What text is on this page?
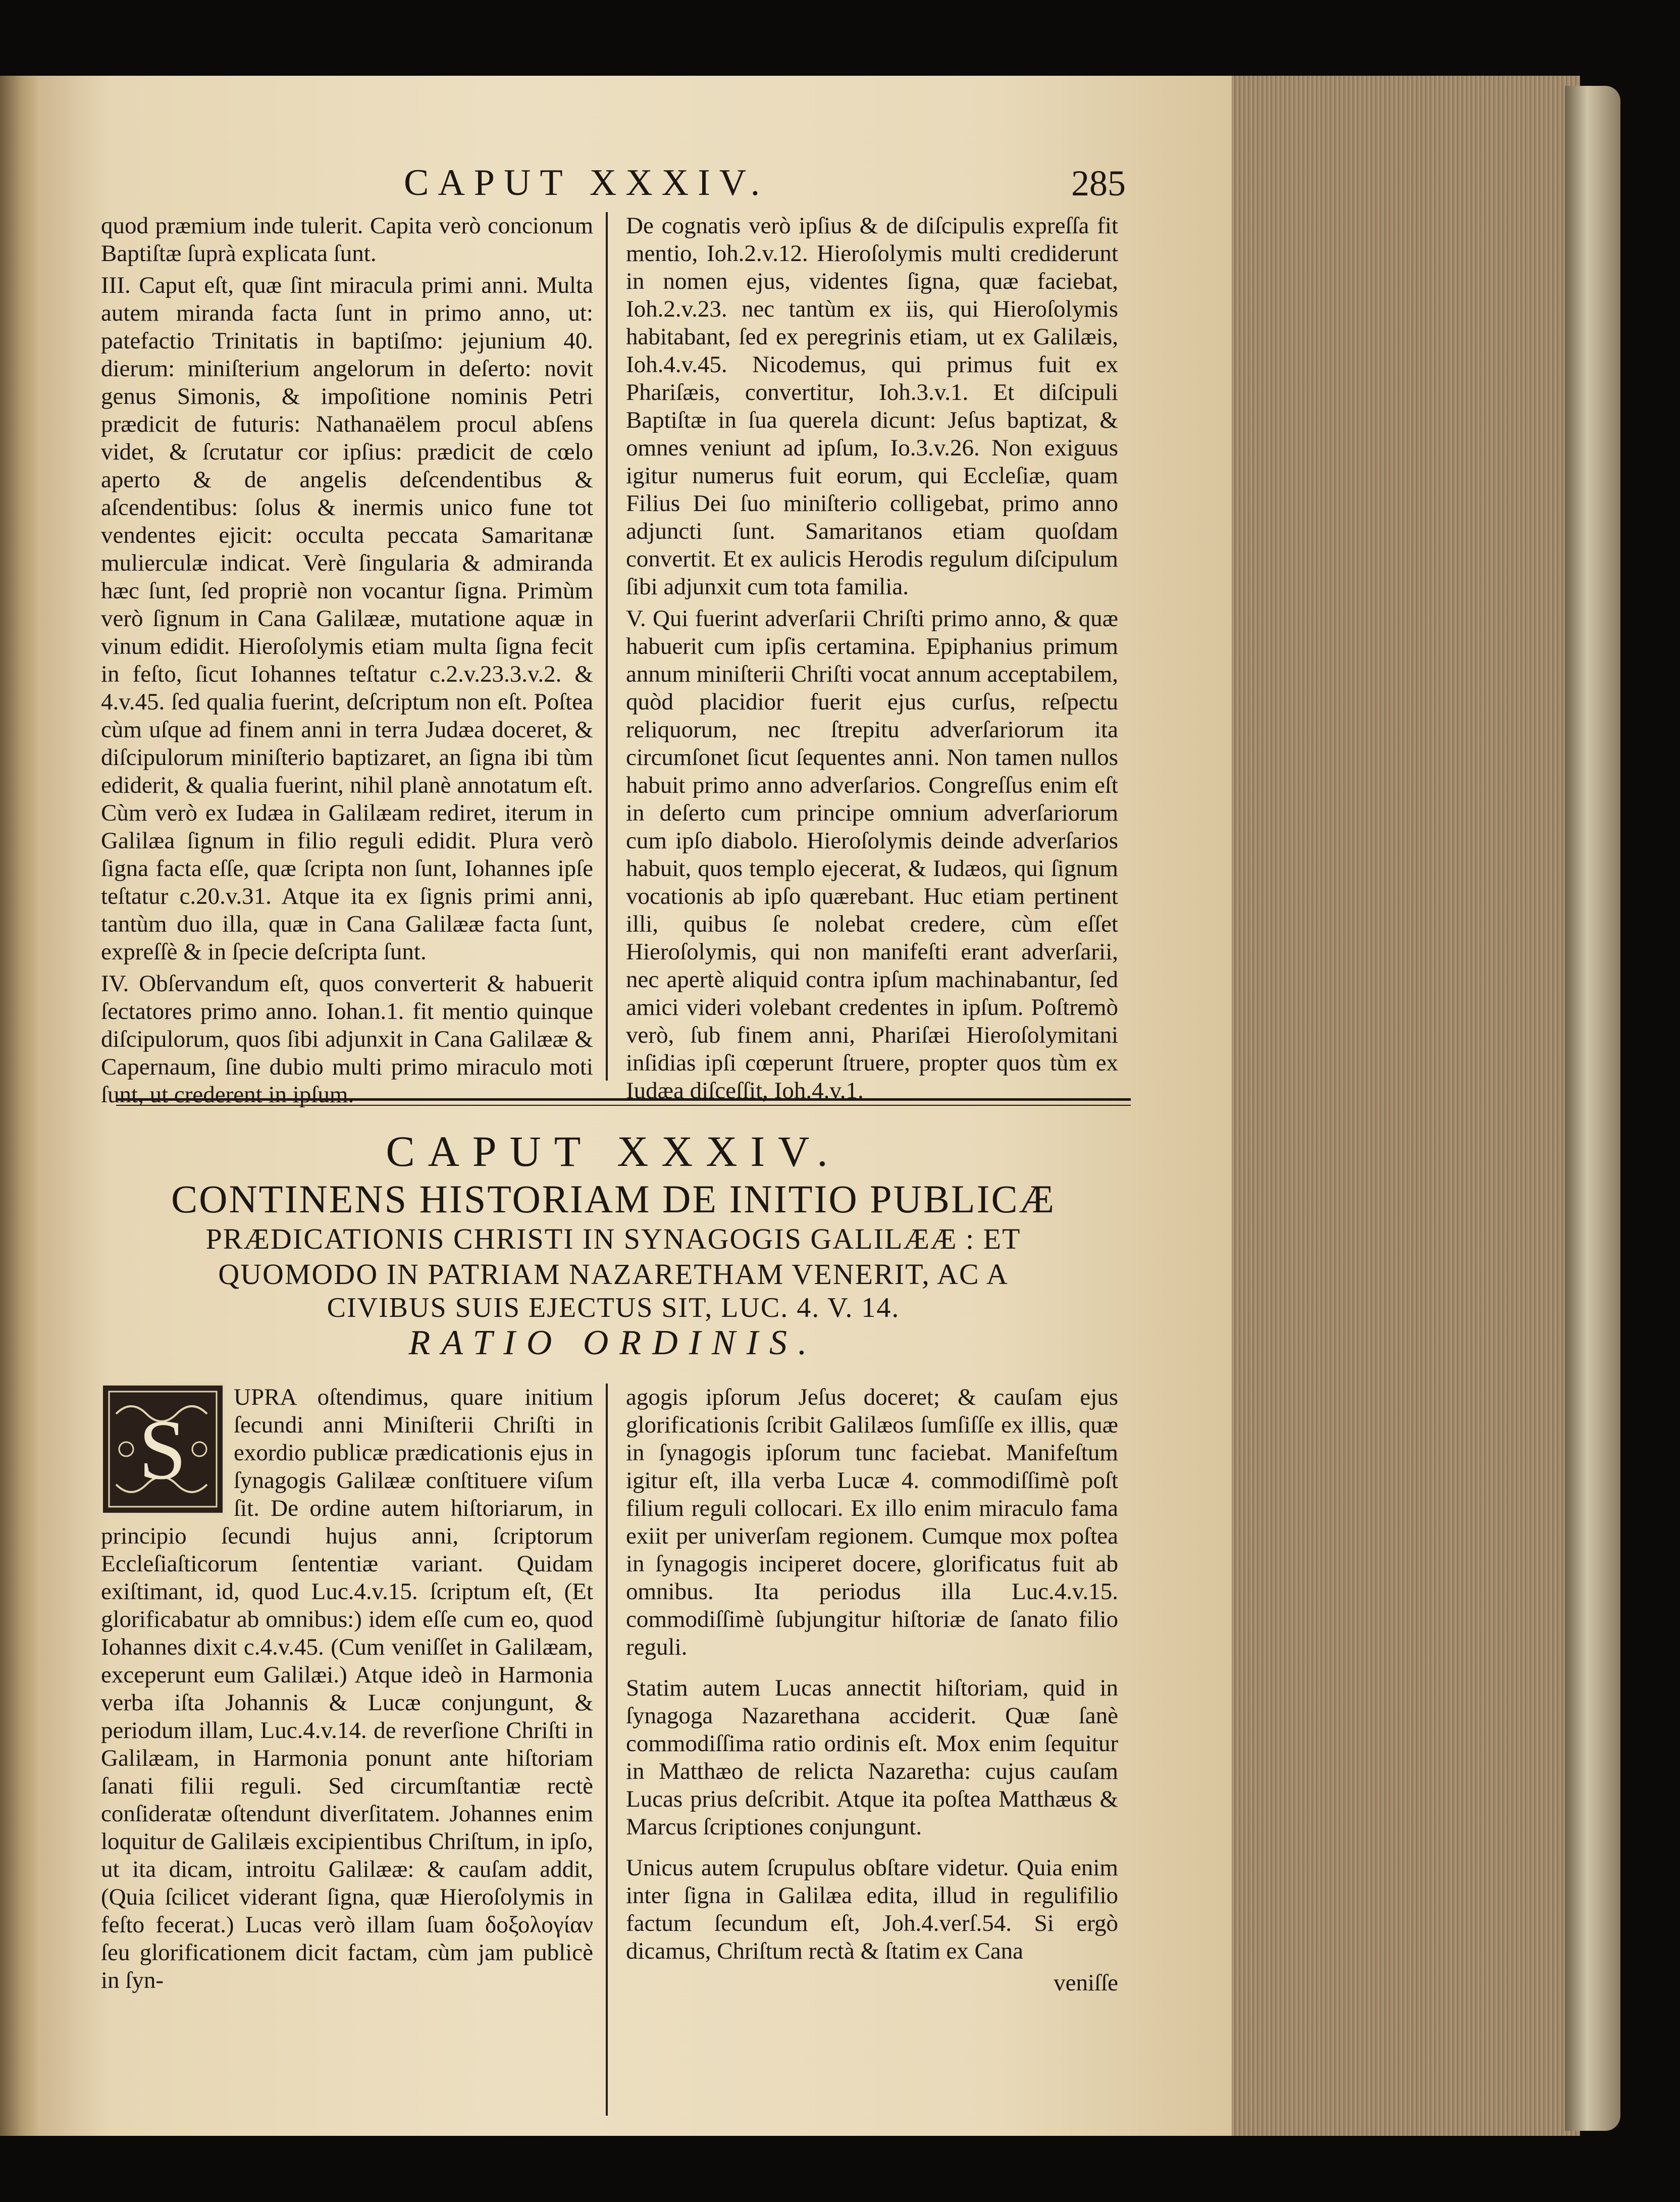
CAPUT XXXIV.	285

quod præmium inde tulerit. Capita verò concionum Baptiſtæ ſuprà explicata ſunt.

III. Caput eſt, quæ ſint miracula primi anni. Multa autem miranda facta ſunt in primo anno, ut: patefactio Trinitatis in baptiſmo: jejunium 40. dierum: miniſterium angelorum in deſerto: novit genus Simonis, & impoſitione nominis Petri prædicit de futuris: Nathanaëlem procul abſens videt, & ſcrutatur cor ipſius: prædicit de cœlo aperto & de angelis deſcendentibus & aſcendentibus: ſolus & inermis unico fune tot vendentes ejicit: occulta peccata Samaritanæ mulierculæ indicat. Verè ſingularia & admiranda hæc ſunt, ſed propriè non vocantur ſigna. Primùm verò ſignum in Cana Galilææ, mutatione aquæ in vinum edidit. Hieroſolymis etiam multa ſigna fecit in feſto, ſicut Iohannes teſtatur c.2.v.23.3.v.2. & 4.v.45. ſed qualia fuerint, deſcriptum non eſt. Poſtea cùm uſque ad finem anni in terra Judæa doceret, & diſcipulorum miniſterio baptizaret, an ſigna ibi tùm ediderit, & qualia fuerint, nihil planè annotatum eſt. Cùm verò ex Iudæa in Galilæam rediret, iterum in Galilæa ſignum in filio reguli edidit. Plura verò ſigna facta eſſe, quæ ſcripta non ſunt, Iohannes ipſe teſtatur c.20.v.31. Atque ita ex ſignis primi anni, tantùm duo illa, quæ in Cana Galilææ facta ſunt, expreſſè & in ſpecie deſcripta ſunt.

IV. Obſervandum eſt, quos converterit & habuerit ſectatores primo anno. Iohan.1. fit mentio quinque diſcipulorum, quos ſibi adjunxit in Cana Galilææ & Capernaum, ſine dubio multi primo miraculo moti ſunt, ut crederent in ipſum.

De cognatis verò ipſius & de diſcipulis expreſſa fit mentio, Ioh.2.v.12. Hieroſolymis multi crediderunt in nomen ejus, videntes ſigna, quæ faciebat, Ioh.2.v.23. nec tantùm ex iis, qui Hieroſolymis habitabant, ſed ex peregrinis etiam, ut ex Galilæis, Ioh.4.v.45. Nicodemus, qui primus fuit ex Phariſæis, convertitur, Ioh.3.v.1. Et diſcipuli Baptiſtæ in ſua querela dicunt: Jeſus baptizat, & omnes veniunt ad ipſum, Io.3.v.26. Non exiguus igitur numerus fuit eorum, qui Eccleſiæ, quam Filius Dei ſuo miniſterio colligebat, primo anno adjuncti ſunt. Samaritanos etiam quoſdam convertit. Et ex aulicis Herodis regulum diſcipulum ſibi adjunxit cum tota familia.

V. Qui fuerint adverſarii Chriſti primo anno, & quæ habuerit cum ipſis certamina. Epiphanius primum annum miniſterii Chriſti vocat annum acceptabilem, quòd placidior fuerit ejus curſus, reſpectu reliquorum, nec ſtrepitu adverſariorum ita circumſonet ſicut ſequentes anni. Non tamen nullos habuit primo anno adverſarios. Congreſſus enim eſt in deſerto cum principe omnium adverſariorum cum ipſo diabolo. Hieroſolymis deinde adverſarios habuit, quos templo ejecerat, & Iudæos, qui ſignum vocationis ab ipſo quærebant. Huc etiam pertinent illi, quibus ſe nolebat credere, cùm eſſet Hieroſolymis, qui non manifeſti erant adverſarii, nec apertè aliquid contra ipſum machinabantur, ſed amici videri volebant credentes in ipſum. Poſtremò verò, ſub finem anni, Phariſæi Hieroſolymitani inſidias ipſi cœperunt ſtruere, propter quos tùm ex Iudæa diſceſſit, Ioh.4.v.1.

CAPUT XXXIV.
CONTINENS HISTORIAM DE INITIO PUBLICÆ
PRÆDICATIONIS CHRISTI IN SYNAGOGIS GALILÆÆ : ET
QUOMODO IN PATRIAM NAZARETHAM VENERIT, AC A
CIVIBUS SUIS EJECTUS SIT, LUC. 4. V. 14.
RATIO ORDINIS.
S

UPRA oſtendimus, quare initium ſecundi anni Miniſterii Chriſti in exordio publicæ prædicationis ejus in ſynagogis Galilææ conſtituere viſum ſit. De ordine autem hiſtoriarum, in principio ſecundi hujus anni, ſcriptorum Eccleſiaſticorum ſententiæ variant. Quidam exiſtimant, id, quod Luc.4.v.15. ſcriptum eſt, (Et glorificabatur ab omnibus:) idem eſſe cum eo, quod Iohannes dixit c.4.v.45. (Cum veniſſet in Galilæam, exceperunt eum Galilæi.) Atque ideò in Harmonia verba iſta Johannis & Lucæ conjungunt, & periodum illam, Luc.4.v.14. de reverſione Chriſti in Galilæam, in Harmonia ponunt ante hiſtoriam ſanati filii reguli. Sed circumſtantiæ rectè conſideratæ oſtendunt diverſitatem. Johannes enim loquitur de Galilæis excipientibus Chriſtum, in ipſo, ut ita dicam, introitu Galilææ: & cauſam addit, (Quia ſcilicet viderant ſigna, quæ Hieroſolymis in feſto fecerat.) Lucas verò illam ſuam δοξολογίαν ſeu glorificationem dicit factam, cùm jam publicè in ſyn-

agogis ipſorum Jeſus doceret; & cauſam ejus glorificationis ſcribit Galilæos ſumſiſſe ex illis, quæ in ſynagogis ipſorum tunc faciebat. Manifeſtum igitur eſt, illa verba Lucæ 4. commodiſſimè poſt filium reguli collocari. Ex illo enim miraculo fama exiit per univerſam regionem. Cumque mox poſtea in ſynagogis inciperet docere, glorificatus fuit ab omnibus. Ita periodus illa Luc.4.v.15. commodiſſimè ſubjungitur hiſtoriæ de ſanato filio reguli.

Statim autem Lucas annectit hiſtoriam, quid in ſynagoga Nazarethana acciderit. Quæ ſanè commodiſſima ratio ordinis eſt. Mox enim ſequitur in Matthæo de relicta Nazaretha: cujus cauſam Lucas prius deſcribit. Atque ita poſtea Matthæus & Marcus ſcriptiones conjungunt.

Unicus autem ſcrupulus obſtare videtur. Quia enim inter ſigna in Galilæa edita, illud in regulifilio factum ſecundum eſt, Joh.4.verſ.54. Si ergò dicamus, Chriſtum rectà & ſtatim ex Cana

veniſſe
